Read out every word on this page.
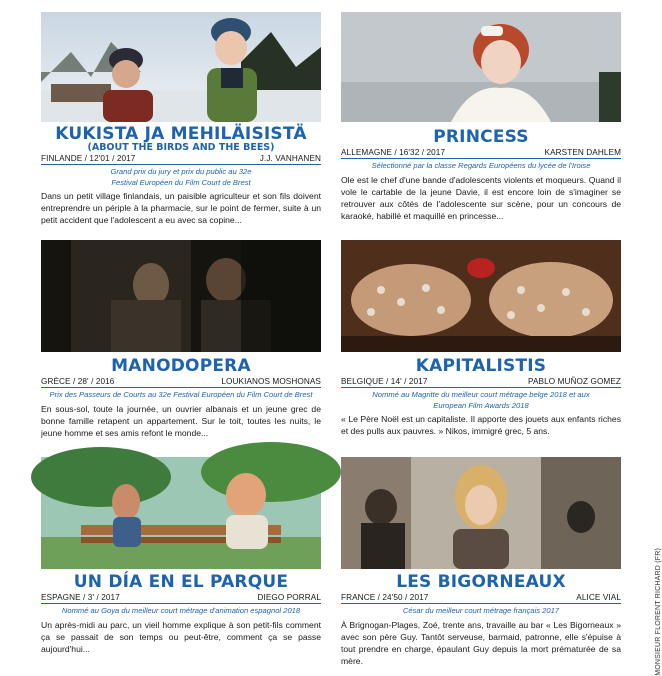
KUKISTA JA MEHILÄISISTÄ
(ABOUT THE BIRDS AND THE BEES)
FINLANDE / 12'01 / 2017	J.J. VANHANEN
Grand prix du jury et prix du public au 32e Festival Européen du Film Court de Brest
Dans un petit village finlandais, un paisible agriculteur et son fils doivent entreprendre un périple à la pharmacie, sur le point de fermer, suite à un petit accident que l'adolescent a eu avec sa copine...
PRINCESS
ALLEMAGNE / 16'32 / 2017	KARSTEN DAHLEM
Sélectionné par la classe Regards Européens du lycée de l'Iroise
Ole est le chef d'une bande d'adolescents violents et moqueurs. Quand il vole le cartable de la jeune Davie, il est encore loin de s'imaginer se retrouver aux côtés de l'adolescente sur scène, pour un concours de karaoké, habillé et maquillé en princesse...
MANODOPERA
GRÈCE / 28' / 2016	LOUKIANOS MOSHONAS
Prix des Passeurs de Courts au 32e Festival Européen du Film Court de Brest
En sous-sol, toute la journée, un ouvrier albanais et un jeune grec de bonne famille retapent un appartement. Sur le toit, toutes les nuits, le jeune homme et ses amis refont le monde...
KAPITALISTIS
BELGIQUE / 14' / 2017	PABLO MUÑOZ GOMEZ
Nommé au Magritte du meilleur court métrage belge 2018 et aux European Film Awards 2018
« Le Père Noël est un capitaliste. Il apporte des jouets aux enfants riches et des pulls aux pauvres. » Nikos, immigré grec, 5 ans.
UN DÍA EN EL PARQUE
ESPAGNE / 3' / 2017	DIEGO PORRAL
Nommé au Goya du meilleur court métrage d'animation espagnol 2018
Un après-midi au parc, un vieil homme explique à son petit-fils comment ça se passait de son temps ou peut-être, comment ça se passe aujourd'hui...
LES BIGORNEAUX
FRANCE / 24'50 / 2017	ALICE VIAL
César du meilleur court métrage français 2017
À Brignogan-Plages, Zoé, trente ans, travaille au bar « Les Bigorneaux » avec son père Guy. Tantôt serveuse, barmaid, patronne, elle s'épuise à tout prendre en charge, épaulant Guy depuis la mort prématurée de sa mère.	MONSIEUR FLORENT RICHARD (FR)
